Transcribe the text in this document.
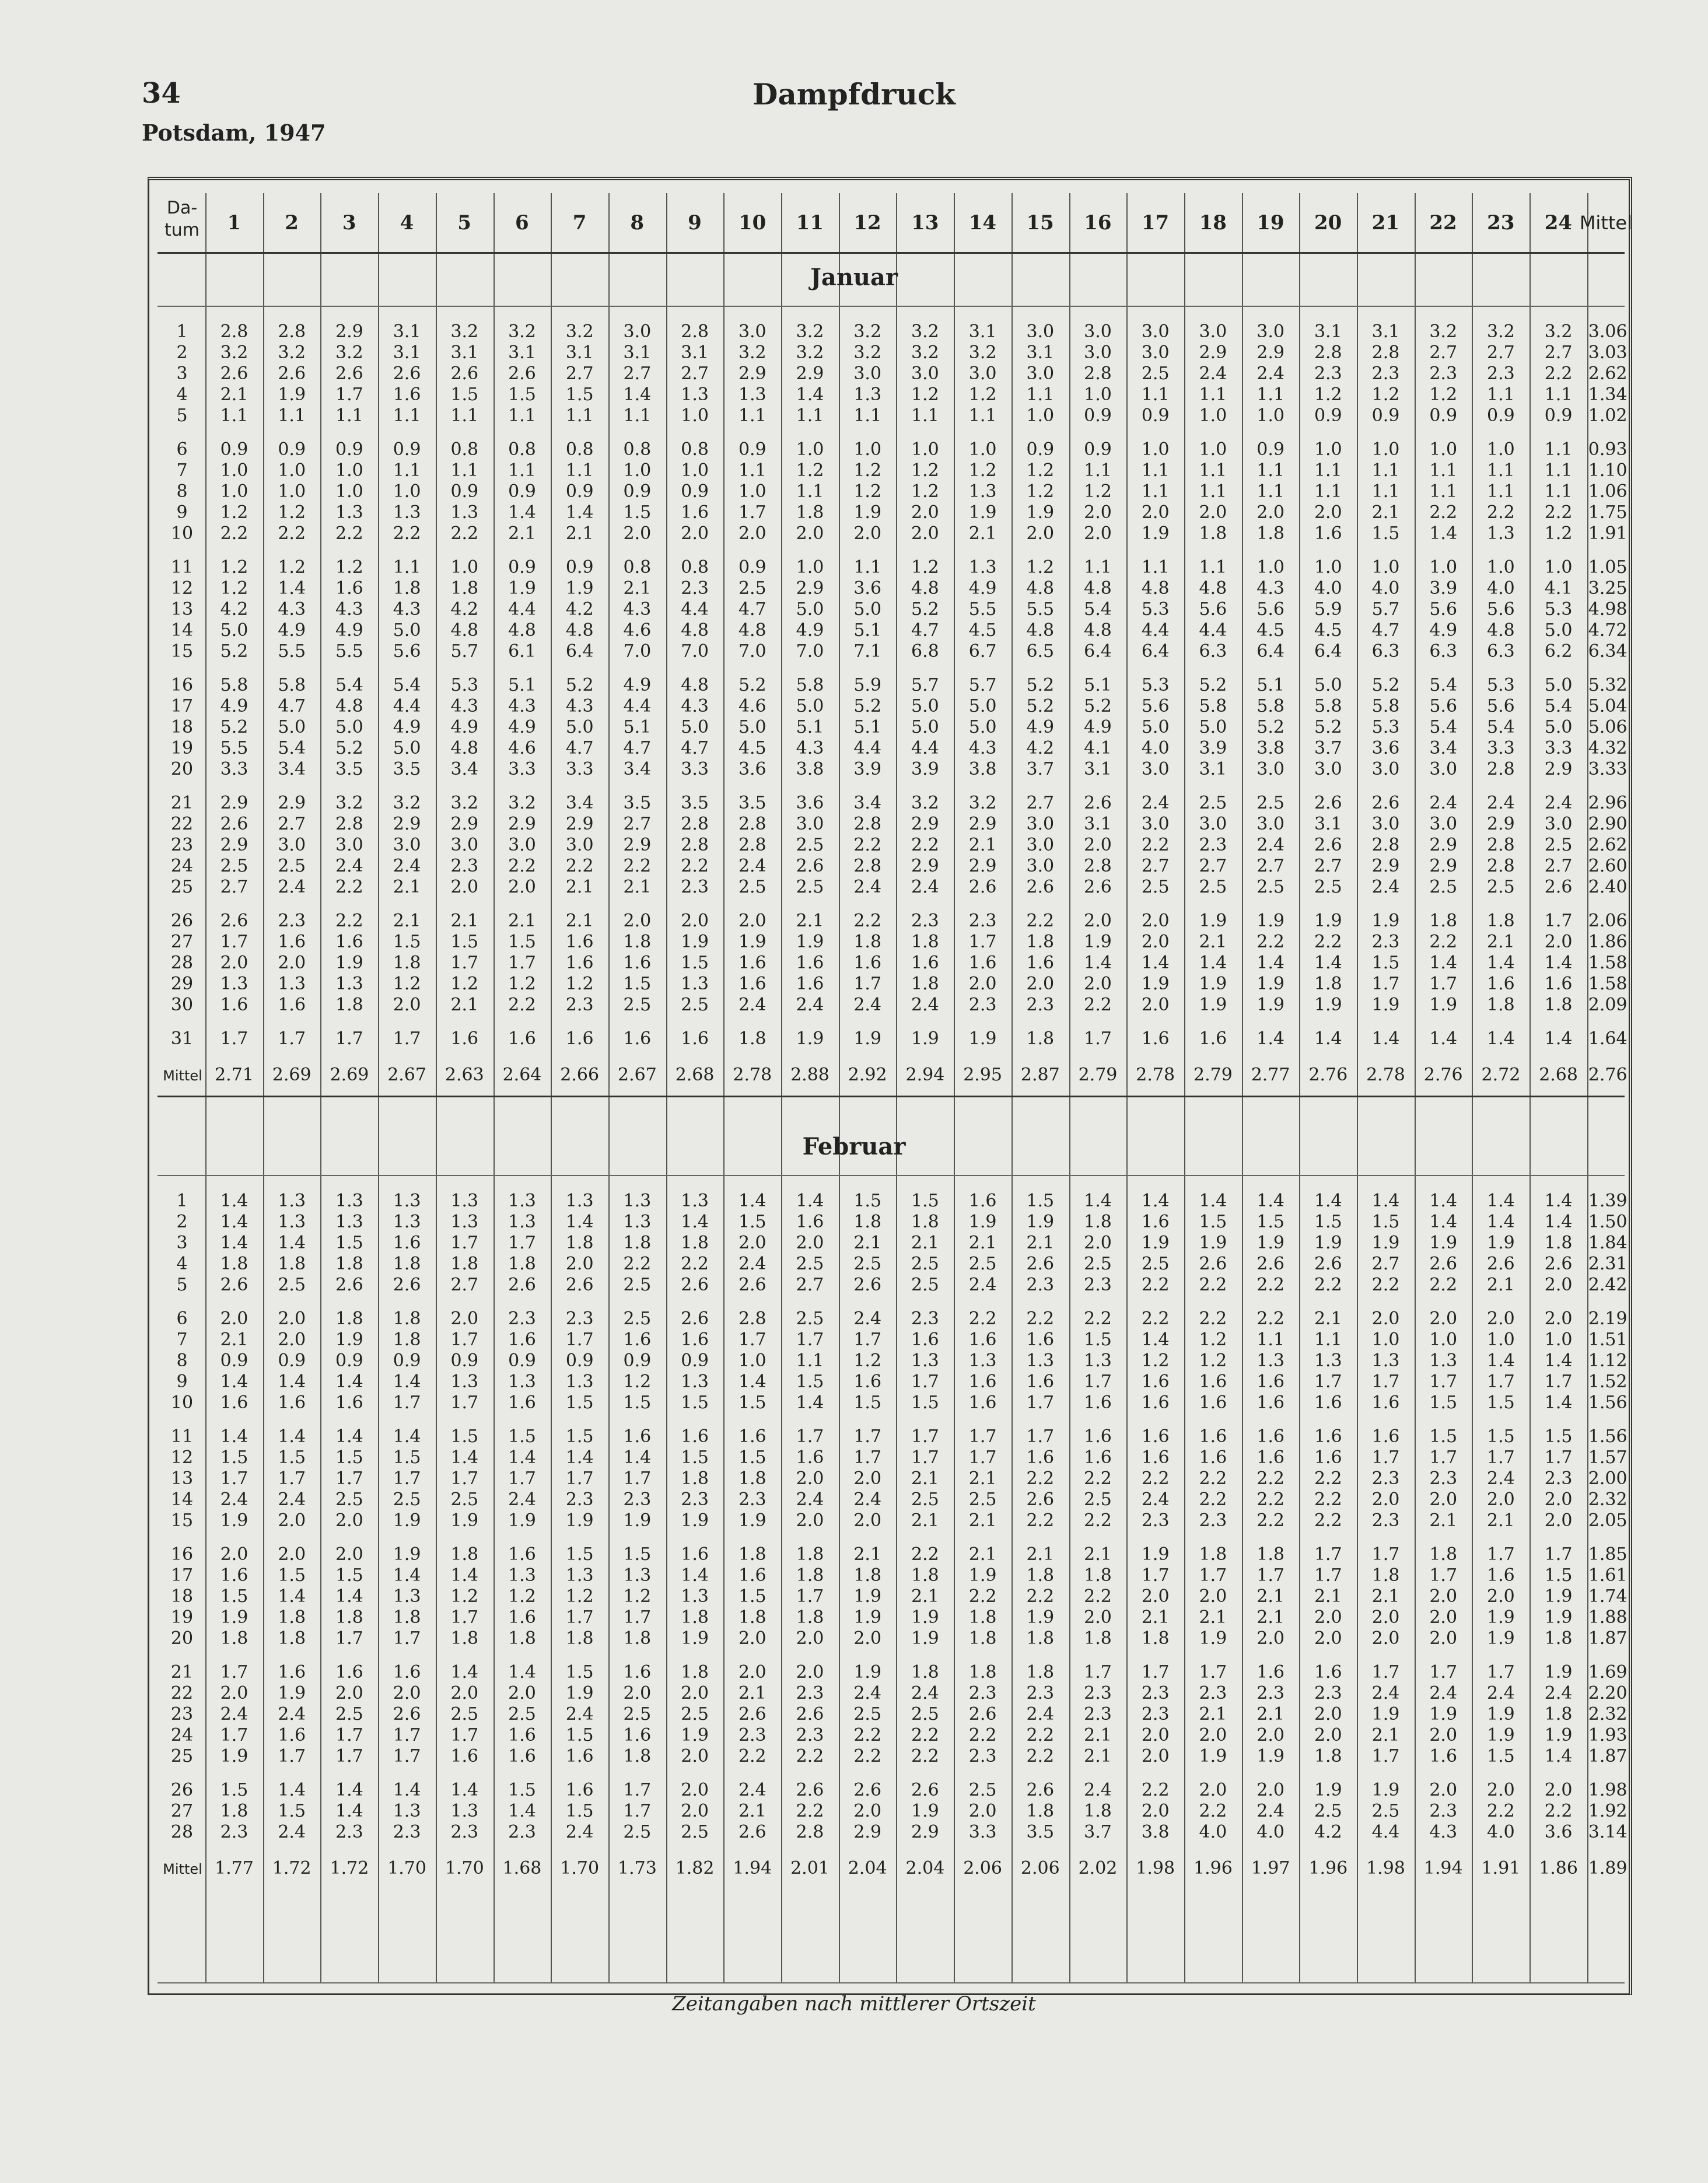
34	Dampfdruck
Potsdam, 1947
Da-
tum	1	2	3	4	5	6	7	8	9	10	11	12	13	14	15	16	17	18	19	20	21	22	23	24 Mittel
Januar
1	2.8	2.8	2.9	3.1	3.2	3.2	3.2	3.0	2.8	3.0	3.2	3.2	3.2	3.1	3.0	3.0	3.0	3.0	3.0	3.1	3.1	3.2	3.2	3.2 3.06
2	3.2	3.2	3.2	3.1	3.1	3.1	3.1	3.1	3.1	3.2	3.2	3.2	3.2	3.2	3.1	3.0	3.0	2.9	2.9	2.8	2.8	2.7	2.7	2.7 3.03
3	2.6	2.6	2.6	2.6	2.6	2.6	2.7	2.7	2.7	2.9	2.9	3.0	3.0	3.0	3.0	2.8	2.5	2.4	2.4	2.3	2.3	2.3	2.3	2.2 2.62
4	2.1	1.9	1.7	1.6	1.5	1.5	1.5	1.4	1.3	1.3	1.4	1.3	1.2	1.2	1.1	1.0	1.1	1.1	1.1	1.2	1.2	1.2	1.1	1.1 1.34
5	1.1	1.1	1.1	1.1	1.1	1.1	1.1	1.1	1.0	1.1	1.1	1.1	1.1	1.1	1.0	0.9	0.9	1.0	1.0	0.9	0.9	0.9	0.9	0.9 1.02
6	0.9	0.9	0.9	0.9	0.8	0.8	0.8	0.8	0.8	0.9	1.0	1.0	1.0	1.0	0.9	0.9	1.0	1.0	0.9	1.0	1.0	1.0	1.0	1.1 0.93
7	1.0	1.0	1.0	1.1	1.1	1.1	1.1	1.0	1.0	1.1	1.2	1.2	1.2	1.2	1.2	1.1	1.1	1.1	1.1	1.1	1.1	1.1	1.1	1.1 1.10
8	1.0	1.0	1.0	1.0	0.9	0.9	0.9	0.9	0.9	1.0	1.1	1.2	1.2	1.3	1.2	1.2	1.1	1.1	1.1	1.1	1.1	1.1	1.1	1.1 1.06
9	1.2	1.2	1.3	1.3	1.3	1.4	1.4	1.5	1.6	1.7	1.8	1.9	2.0	1.9	1.9	2.0	2.0	2.0	2.0	2.0	2.1	2.2	2.2	2.2 1.75
10	2.2	2.2	2.2	2.2	2.2	2.1	2.1	2.0	2.0	2.0	2.0	2.0	2.0	2.1	2.0	2.0	1.9	1.8	1.8	1.6	1.5	1.4	1.3	1.2 1.91
11	1.2	1.2	1.2	1.1	1.0	0.9	0.9	0.8	0.8	0.9	1.0	1.1	1.2	1.3	1.2	1.1	1.1	1.1	1.0	1.0	1.0	1.0	1.0	1.0 1.05
12	1.2	1.4	1.6	1.8	1.8	1.9	1.9	2.1	2.3	2.5	2.9	3.6	4.8	4.9	4.8	4.8	4.8	4.8	4.3	4.0	4.0	3.9	4.0	4.1 3.25
13	4.2	4.3	4.3	4.3	4.2	4.4	4.2	4.3	4.4	4.7	5.0	5.0	5.2	5.5	5.5	5.4	5.3	5.6	5.6	5.9	5.7	5.6	5.6	5.3 4.98
14	5.0	4.9	4.9	5.0	4.8	4.8	4.8	4.6	4.8	4.8	4.9	5.1	4.7	4.5	4.8	4.8	4.4	4.4	4.5	4.5	4.7	4.9	4.8	5.0 4.72
15	5.2	5.5	5.5	5.6	5.7	6.1	6.4	7.0	7.0	7.0	7.0	7.1	6.8	6.7	6.5	6.4	6.4	6.3	6.4	6.4	6.3	6.3	6.3	6.2 6.34
16	5.8	5.8	5.4	5.4	5.3	5.1	5.2	4.9	4.8	5.2	5.8	5.9	5.7	5.7	5.2	5.1	5.3	5.2	5.1	5.0	5.2	5.4	5.3	5.0 5.32
17	4.9	4.7	4.8	4.4	4.3	4.3	4.3	4.4	4.3	4.6	5.0	5.2	5.0	5.0	5.2	5.2	5.6	5.8	5.8	5.8	5.8	5.6	5.6	5.4 5.04
18	5.2	5.0	5.0	4.9	4.9	4.9	5.0	5.1	5.0	5.0	5.1	5.1	5.0	5.0	4.9	4.9	5.0	5.0	5.2	5.2	5.3	5.4	5.4	5.0 5.06
19	5.5	5.4	5.2	5.0	4.8	4.6	4.7	4.7	4.7	4.5	4.3	4.4	4.4	4.3	4.2	4.1	4.0	3.9	3.8	3.7	3.6	3.4	3.3	3.3 4.32
20	3.3	3.4	3.5	3.5	3.4	3.3	3.3	3.4	3.3	3.6	3.8	3.9	3.9	3.8	3.7	3.1	3.0	3.1	3.0	3.0	3.0	3.0	2.8	2.9 3.33
21	2.9	2.9	3.2	3.2	3.2	3.2	3.4	3.5	3.5	3.5	3.6	3.4	3.2	3.2	2.7	2.6	2.4	2.5	2.5	2.6	2.6	2.4	2.4	2.4 2.96
22	2.6	2.7	2.8	2.9	2.9	2.9	2.9	2.7	2.8	2.8	3.0	2.8	2.9	2.9	3.0	3.1	3.0	3.0	3.0	3.1	3.0	3.0	2.9	3.0 2.90
23	2.9	3.0	3.0	3.0	3.0	3.0	3.0	2.9	2.8	2.8	2.5	2.2	2.2	2.1	3.0	2.0	2.2	2.3	2.4	2.6	2.8	2.9	2.8	2.5 2.62
24	2.5	2.5	2.4	2.4	2.3	2.2	2.2	2.2	2.2	2.4	2.6	2.8	2.9	2.9	3.0	2.8	2.7	2.7	2.7	2.7	2.9	2.9	2.8	2.7 2.60
25	2.7	2.4	2.2	2.1	2.0	2.0	2.1	2.1	2.3	2.5	2.5	2.4	2.4	2.6	2.6	2.6	2.5	2.5	2.5	2.5	2.4	2.5	2.5	2.6 2.40
26	2.6	2.3	2.2	2.1	2.1	2.1	2.1	2.0	2.0	2.0	2.1	2.2	2.3	2.3	2.2	2.0	2.0	1.9	1.9	1.9	1.9	1.8	1.8	1.7 2.06
27	1.7	1.6	1.6	1.5	1.5	1.5	1.6	1.8	1.9	1.9	1.9	1.8	1.8	1.7	1.8	1.9	2.0	2.1	2.2	2.2	2.3	2.2	2.1	2.0 1.86
28	2.0	2.0	1.9	1.8	1.7	1.7	1.6	1.6	1.5	1.6	1.6	1.6	1.6	1.6	1.6	1.4	1.4	1.4	1.4	1.4	1.5	1.4	1.4	1.4 1.58
29	1.3	1.3	1.3	1.2	1.2	1.2	1.2	1.5	1.3	1.6	1.6	1.7	1.8	2.0	2.0	2.0	1.9	1.9	1.9	1.8	1.7	1.7	1.6	1.6 1.58
30	1.6	1.6	1.8	2.0	2.1	2.2	2.3	2.5	2.5	2.4	2.4	2.4	2.4	2.3	2.3	2.2	2.0	1.9	1.9	1.9	1.9	1.9	1.8	1.8 2.09
31	1.7	1.7	1.7	1.7	1.6	1.6	1.6	1.6	1.6	1.8	1.9	1.9	1.9	1.9	1.8	1.7	1.6	1.6	1.4	1.4	1.4	1.4	1.4	1.4 1.64
Mittel 2.71	2.69	2.69	2.67	2.63	2.64	2.66	2.67	2.68	2.78	2.88	2.92	2.94	2.95	2.87	2.79	2.78	2.79	2.77	2.76	2.78	2.76	2.72	2.68 2.76
Februar
1	1.4	1.3	1.3	1.3	1.3	1.3	1.3	1.3	1.3	1.4	1.4	1.5	1.5	1.6	1.5	1.4	1.4	1.4	1.4	1.4	1.4	1.4	1.4	1.4 1.39
2	1.4	1.3	1.3	1.3	1.3	1.3	1.4	1.3	1.4	1.5	1.6	1.8	1.8	1.9	1.9	1.8	1.6	1.5	1.5	1.5	1.5	1.4	1.4	1.4 1.50
3	1.4	1.4	1.5	1.6	1.7	1.7	1.8	1.8	1.8	2.0	2.0	2.1	2.1	2.1	2.1	2.0	1.9	1.9	1.9	1.9	1.9	1.9	1.9	1.8 1.84
4	1.8	1.8	1.8	1.8	1.8	1.8	2.0	2.2	2.2	2.4	2.5	2.5	2.5	2.5	2.6	2.5	2.5	2.6	2.6	2.6	2.7	2.6	2.6	2.6 2.31
5	2.6	2.5	2.6	2.6	2.7	2.6	2.6	2.5	2.6	2.6	2.7	2.6	2.5	2.4	2.3	2.3	2.2	2.2	2.2	2.2	2.2	2.2	2.1	2.0 2.42
6	2.0	2.0	1.8	1.8	2.0	2.3	2.3	2.5	2.6	2.8	2.5	2.4	2.3	2.2	2.2	2.2	2.2	2.2	2.2	2.1	2.0	2.0	2.0	2.0 2.19
7	2.1	2.0	1.9	1.8	1.7	1.6	1.7	1.6	1.6	1.7	1.7	1.7	1.6	1.6	1.6	1.5	1.4	1.2	1.1	1.1	1.0	1.0	1.0	1.0 1.51
8	0.9	0.9	0.9	0.9	0.9	0.9	0.9	0.9	0.9	1.0	1.1	1.2	1.3	1.3	1.3	1.3	1.2	1.2	1.3	1.3	1.3	1.3	1.4	1.4 1.12
9	1.4	1.4	1.4	1.4	1.3	1.3	1.3	1.2	1.3	1.4	1.5	1.6	1.7	1.6	1.6	1.7	1.6	1.6	1.6	1.7	1.7	1.7	1.7	1.7 1.52
10	1.6	1.6	1.6	1.7	1.7	1.6	1.5	1.5	1.5	1.5	1.4	1.5	1.5	1.6	1.7	1.6	1.6	1.6	1.6	1.6	1.6	1.5	1.5	1.4 1.56
11	1.4	1.4	1.4	1.4	1.5	1.5	1.5	1.6	1.6	1.6	1.7	1.7	1.7	1.7	1.7	1.6	1.6	1.6	1.6	1.6	1.6	1.5	1.5	1.5 1.56
12	1.5	1.5	1.5	1.5	1.4	1.4	1.4	1.4	1.5	1.5	1.6	1.7	1.7	1.7	1.6	1.6	1.6	1.6	1.6	1.6	1.7	1.7	1.7	1.7 1.57
13	1.7	1.7	1.7	1.7	1.7	1.7	1.7	1.7	1.8	1.8	2.0	2.0	2.1	2.1	2.2	2.2	2.2	2.2	2.2	2.2	2.3	2.3	2.4	2.3 2.00
14	2.4	2.4	2.5	2.5	2.5	2.4	2.3	2.3	2.3	2.3	2.4	2.4	2.5	2.5	2.6	2.5	2.4	2.2	2.2	2.2	2.0	2.0	2.0	2.0 2.32
15	1.9	2.0	2.0	1.9	1.9	1.9	1.9	1.9	1.9	1.9	2.0	2.0	2.1	2.1	2.2	2.2	2.3	2.3	2.2	2.2	2.3	2.1	2.1	2.0 2.05
16	2.0	2.0	2.0	1.9	1.8	1.6	1.5	1.5	1.6	1.8	1.8	2.1	2.2	2.1	2.1	2.1	1.9	1.8	1.8	1.7	1.7	1.8	1.7	1.7 1.85
17	1.6	1.5	1.5	1.4	1.4	1.3	1.3	1.3	1.4	1.6	1.8	1.8	1.8	1.9	1.8	1.8	1.7	1.7	1.7	1.7	1.8	1.7	1.6	1.5 1.61
18	1.5	1.4	1.4	1.3	1.2	1.2	1.2	1.2	1.3	1.5	1.7	1.9	2.1	2.2	2.2	2.2	2.0	2.0	2.1	2.1	2.1	2.0	2.0	1.9 1.74
19	1.9	1.8	1.8	1.8	1.7	1.6	1.7	1.7	1.8	1.8	1.8	1.9	1.9	1.8	1.9	2.0	2.1	2.1	2.1	2.0	2.0	2.0	1.9	1.9 1.88
20	1.8	1.8	1.7	1.7	1.8	1.8	1.8	1.8	1.9	2.0	2.0	2.0	1.9	1.8	1.8	1.8	1.8	1.9	2.0	2.0	2.0	2.0	1.9	1.8 1.87
21	1.7	1.6	1.6	1.6	1.4	1.4	1.5	1.6	1.8	2.0	2.0	1.9	1.8	1.8	1.8	1.7	1.7	1.7	1.6	1.6	1.7	1.7	1.7	1.9 1.69
22	2.0	1.9	2.0	2.0	2.0	2.0	1.9	2.0	2.0	2.1	2.3	2.4	2.4	2.3	2.3	2.3	2.3	2.3	2.3	2.3	2.4	2.4	2.4	2.4 2.20
23	2.4	2.4	2.5	2.6	2.5	2.5	2.4	2.5	2.5	2.6	2.6	2.5	2.5	2.6	2.4	2.3	2.3	2.1	2.1	2.0	1.9	1.9	1.9	1.8 2.32
24	1.7	1.6	1.7	1.7	1.7	1.6	1.5	1.6	1.9	2.3	2.3	2.2	2.2	2.2	2.2	2.1	2.0	2.0	2.0	2.0	2.1	2.0	1.9	1.9 1.93
25	1.9	1.7	1.7	1.7	1.6	1.6	1.6	1.8	2.0	2.2	2.2	2.2	2.2	2.3	2.2	2.1	2.0	1.9	1.9	1.8	1.7	1.6	1.5	1.4 1.87
26	1.5	1.4	1.4	1.4	1.4	1.5	1.6	1.7	2.0	2.4	2.6	2.6	2.6	2.5	2.6	2.4	2.2	2.0	2.0	1.9	1.9	2.0	2.0	2.0 1.98
27	1.8	1.5	1.4	1.3	1.3	1.4	1.5	1.7	2.0	2.1	2.2	2.0	1.9	2.0	1.8	1.8	2.0	2.2	2.4	2.5	2.5	2.3	2.2	2.2 1.92
28	2.3	2.4	2.3	2.3	2.3	2.3	2.4	2.5	2.5	2.6	2.8	2.9	2.9	3.3	3.5	3.7	3.8	4.0	4.0	4.2	4.4	4.3	4.0	3.6 3.14
Mittel 1.77	1.72	1.72	1.70	1.70	1.68	1.70	1.73	1.82	1.94	2.01	2.04	2.04	2.06	2.06	2.02	1.98	1.96	1.97	1.96	1.98	1.94	1.91	1.86 1.89
Zeitangaben nach mittlerer Ortszeit
